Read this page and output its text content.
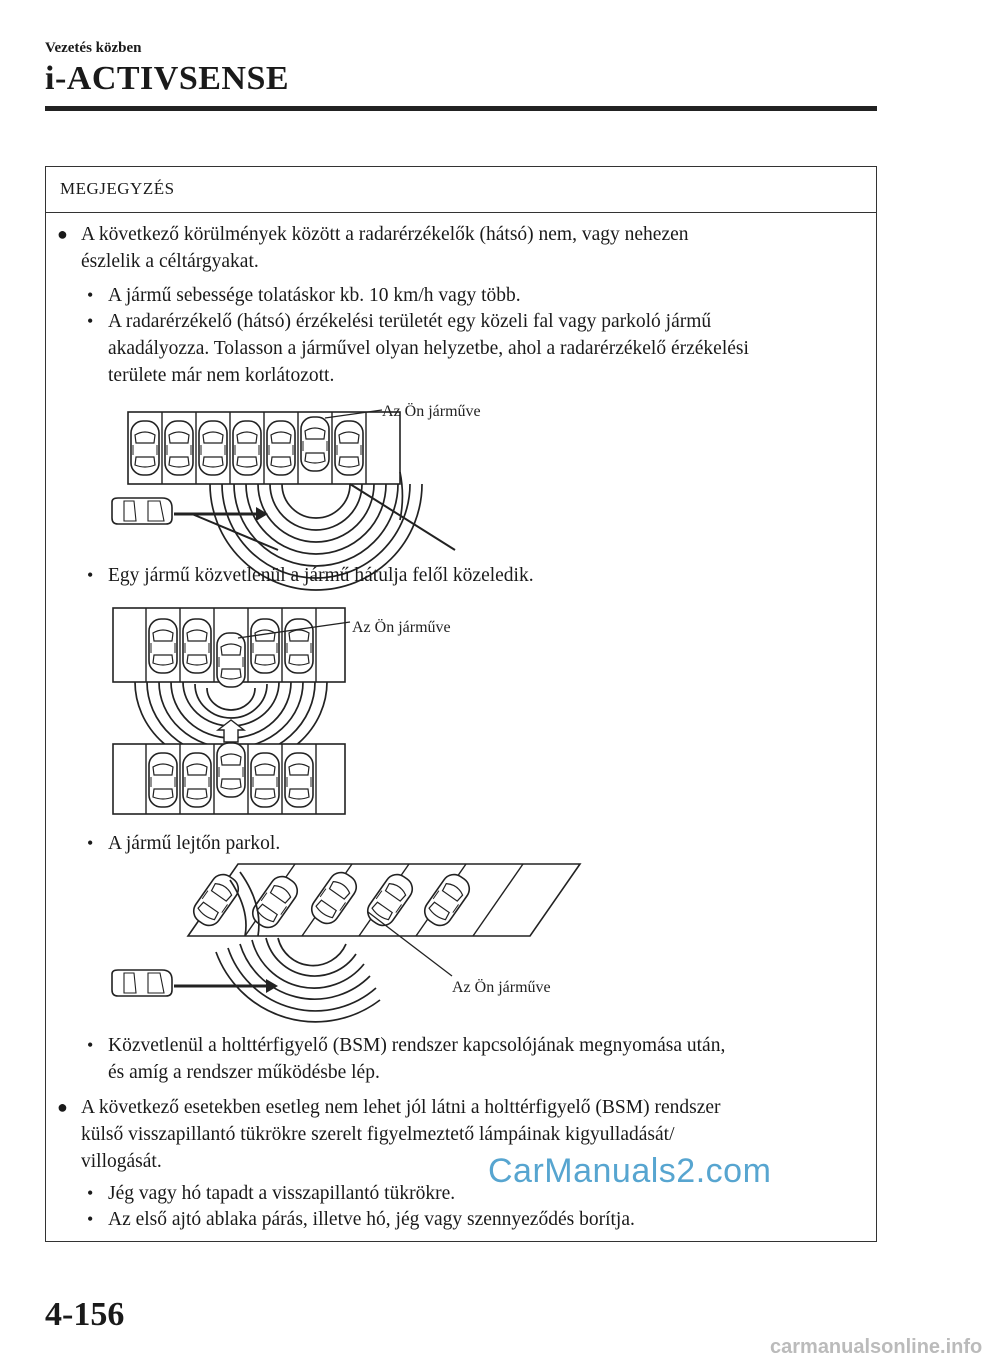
Vezetés közben
i-ACTIVSENSE
MEGJEGYZÉS
● A következő körülmények között a radarérzékelők (hátsó) nem, vagy nehezen
észlelik a céltárgyakat.
• A jármű sebessége tolatáskor kb. 10 km/h vagy több.
• A radarérzékelő (hátsó) érzékelési területét egy közeli fal vagy parkoló jármű
akadályozza. Tolasson a járművel olyan helyzetbe, ahol a radarérzékelő érzékelési
területe már nem korlátozott.
Az Ön járműve
• Egy jármű közvetlenül a jármű hátulja felől közeledik.
Az Ön járműve
• A jármű lejtőn parkol.
Az Ön járműve
• Közvetlenül a holttérfigyelő (BSM) rendszer kapcsolójának megnyomása után,
és amíg a rendszer működésbe lép.
● A következő esetekben esetleg nem lehet jól látni a holttérfigyelő (BSM) rendszer
külső visszapillantó tükrökre szerelt figyelmeztető lámpáinak kigyulladását/
villogását.
• Jég vagy hó tapadt a visszapillantó tükrökre.
• Az első ajtó ablaka párás, illetve hó, jég vagy szennyeződés borítja.
CarManuals2.com
4-156
carmanualsonline.info
